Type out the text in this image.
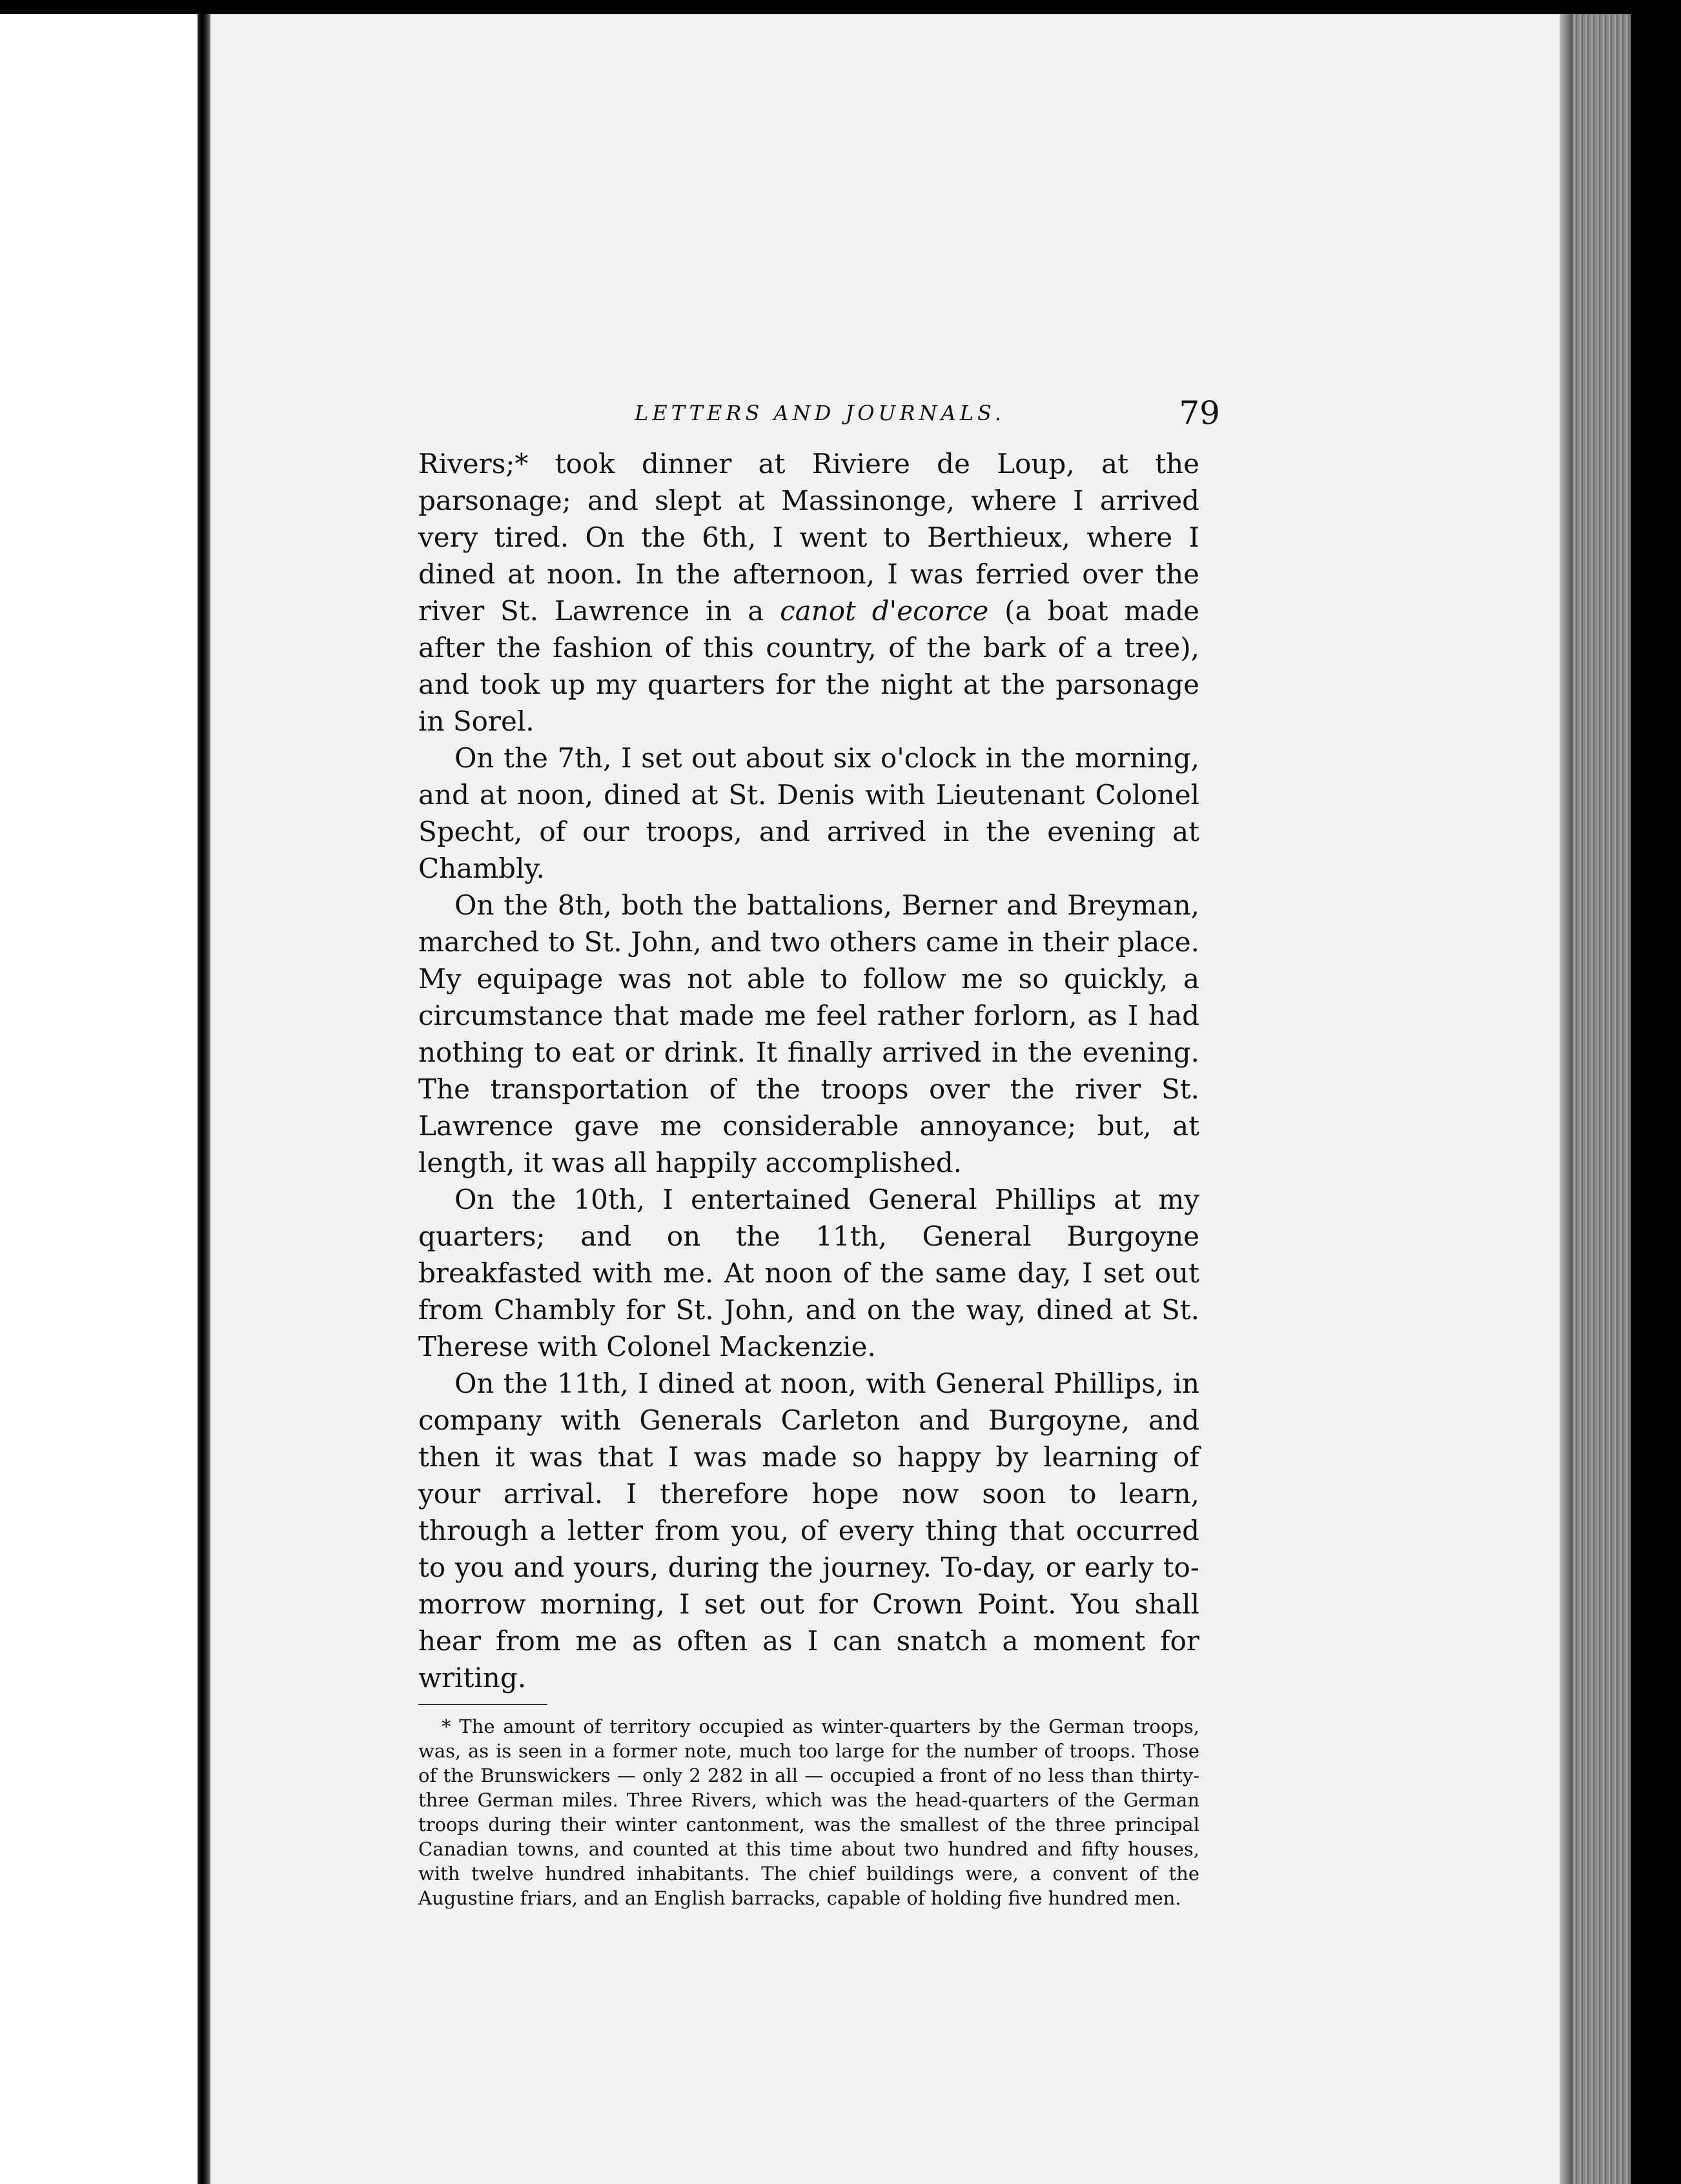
LETTERS AND JOURNALS.	79

Rivers;* took dinner at Riviere de Loup, at the parsonage; and slept at Massinonge, where I arrived very tired. On the 6th, I went to Berthieux, where I dined at noon. In the afternoon, I was ferried over the river St. Lawrence in a canot d'ecorce (a boat made after the fashion of this country, of the bark of a tree), and took up my quarters for the night at the parsonage in Sorel.

On the 7th, I set out about six o'clock in the morning, and at noon, dined at St. Denis with Lieutenant Colonel Specht, of our troops, and arrived in the evening at Chambly.

On the 8th, both the battalions, Berner and Breyman, marched to St. John, and two others came in their place. My equipage was not able to follow me so quickly, a circumstance that made me feel rather forlorn, as I had nothing to eat or drink. It finally arrived in the evening. The transportation of the troops over the river St. Lawrence gave me considerable annoyance; but, at length, it was all happily accomplished.

On the 10th, I entertained General Phillips at my quarters; and on the 11th, General Burgoyne breakfasted with me. At noon of the same day, I set out from Chambly for St. John, and on the way, dined at St. Therese with Colonel Mackenzie.

On the 11th, I dined at noon, with General Phillips, in company with Generals Carleton and Burgoyne, and then it was that I was made so happy by learning of your arrival. I therefore hope now soon to learn, through a letter from you, of every thing that occurred to you and yours, during the journey. To-day, or early to-morrow morning, I set out for Crown Point. You shall hear from me as often as I can snatch a moment for writing.

* The amount of territory occupied as winter-quarters by the German troops, was, as is seen in a former note, much too large for the number of troops. Those of the Brunswickers — only 2 282 in all — occupied a front of no less than thirty-three German miles. Three Rivers, which was the head-quarters of the German troops during their winter cantonment, was the smallest of the three principal Canadian towns, and counted at this time about two hundred and fifty houses, with twelve hundred inhabitants. The chief buildings were, a convent of the Augustine friars, and an English barracks, capable of holding five hundred men.
